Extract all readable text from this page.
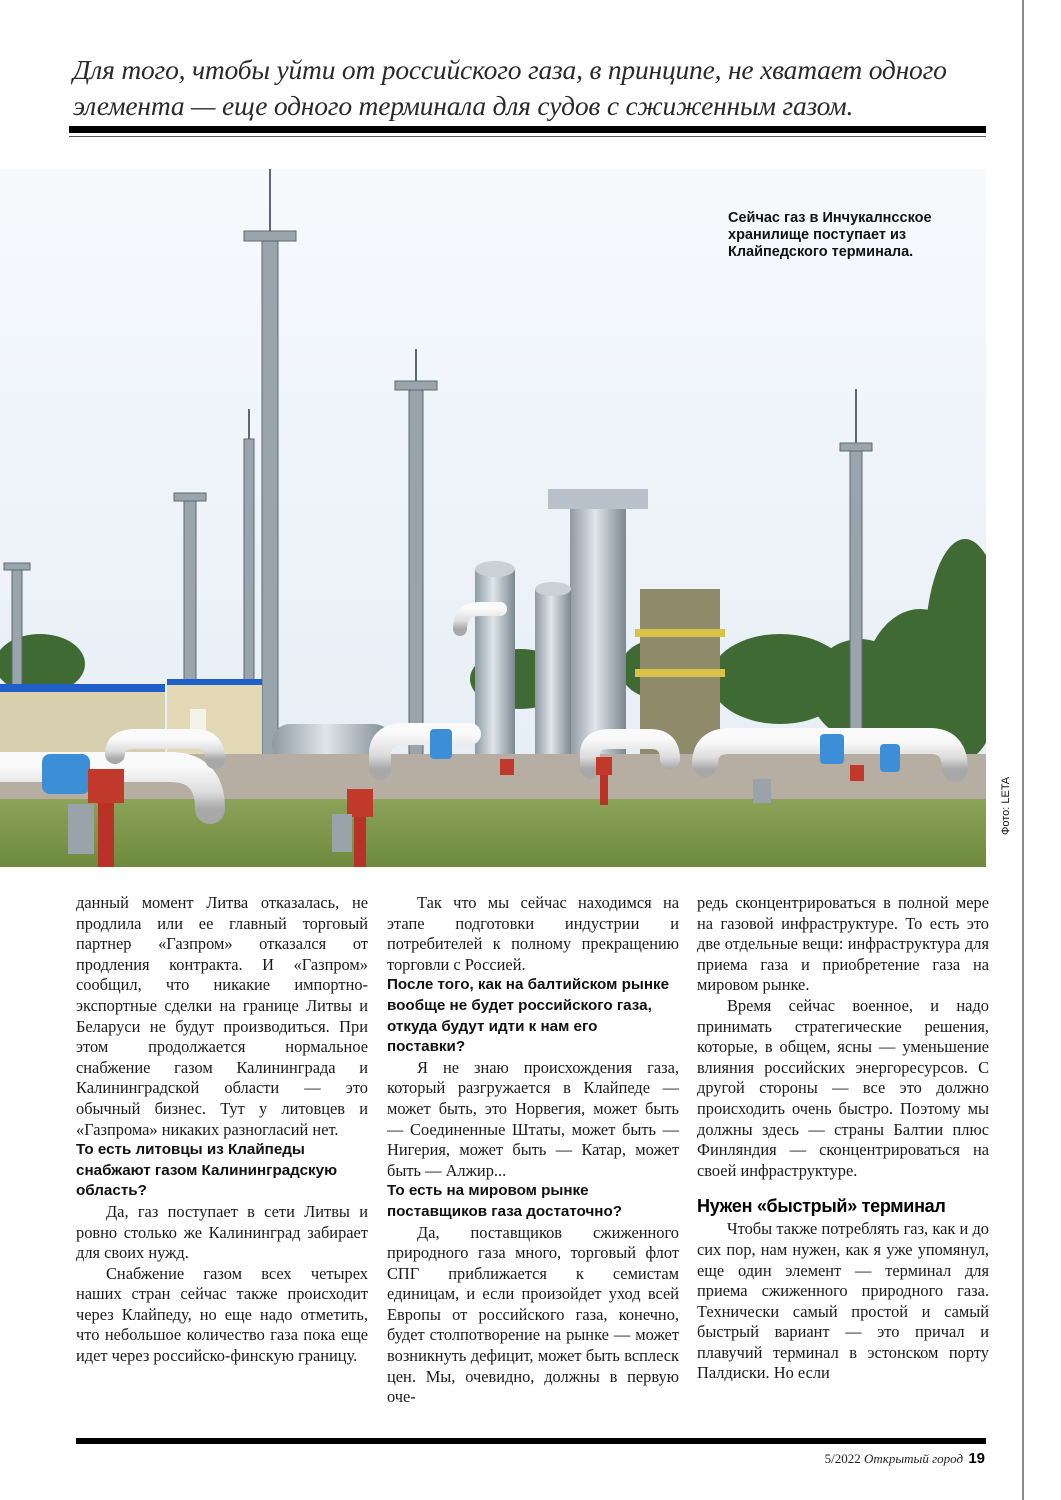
Для того, чтобы уйти от российского газа, в принципе, не хватает одного элемента — еще одного терминала для судов с сжиженным газом.
Сейчас газ в Инчукалнсское хранилище поступает из Клайпедского терминала.
Фото: LETA

данный момент Литва отказалась, не продлила или ее главный торговый партнер «Газпром» отказался от продления контракта. И «Газпром» сообщил, что никакие импортно-экспортные сделки на границе Литвы и Беларуси не будут производиться. При этом продолжается нормальное снабжение газом Калининграда и Калининградской области — это обычный бизнес. Тут у литовцев и «Газпрома» никаких разногласий нет.

То есть литовцы из Клайпеды снабжают газом Калининградскую область?

Да, газ поступает в сети Литвы и ровно столько же Калининград забирает для своих нужд.

Снабжение газом всех четырех наших стран сейчас также происходит через Клайпеду, но еще надо отметить, что небольшое количество газа пока еще идет через российско-финскую границу.

Так что мы сейчас находимся на этапе подготовки индустрии и потребителей к полному прекращению торговли с Россией.

После того, как на балтийском рынке вообще не будет российского газа, откуда будут идти к нам его поставки?

Я не знаю происхождения газа, который разгружается в Клайпеде — может быть, это Норвегия, может быть — Соединенные Штаты, может быть — Нигерия, может быть — Катар, может быть — Алжир...

То есть на мировом рынке поставщиков газа достаточно?

Да, поставщиков сжиженного природного газа много, торговый флот СПГ приближается к семистам единицам, и если произойдет уход всей Европы от российского газа, конечно, будет столпотворение на рынке — может возникнуть дефицит, может быть всплеск цен. Мы, очевидно, должны в первую оче-

редь сконцентрироваться в полной мере на газовой инфраструктуре. То есть это две отдельные вещи: инфраструктура для приема газа и приобретение газа на мировом рынке.

Время сейчас военное, и надо принимать стратегические решения, которые, в общем, ясны — уменьшение влияния российских энергоресурсов. С другой стороны — все это должно происходить очень быстро. Поэтому мы должны здесь — страны Балтии плюс Финляндия — сконцентрироваться на своей инфраструктуре.

Нужен «быстрый» терминал

Чтобы также потреблять газ, как и до сих пор, нам нужен, как я уже упомянул, еще один элемент — терминал для приема сжиженного природного газа. Технически самый простой и самый быстрый вариант — это причал и плавучий терминал в эстонском порту Палдиски. Но если

5/2022 Открытый город 19
